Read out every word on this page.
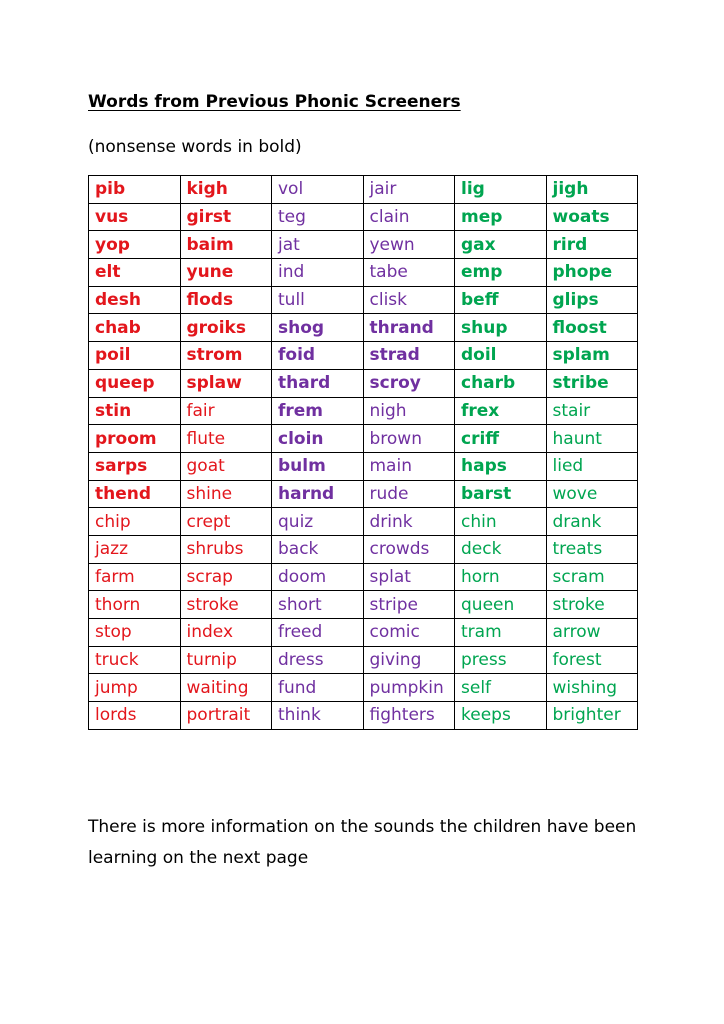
Words from Previous Phonic Screeners
(nonsense words in bold)
pib	kigh	vol	jair	lig	jigh
vus	girst	teg	clain	mep	woats
yop	baim	jat	yewn	gax	rird
elt	yune	ind	tabe	emp	phope
desh	flods	tull	clisk	beff	glips
chab	groiks	shog	thrand	shup	floost
poil	strom	foid	strad	doil	splam
queep	splaw	thard	scroy	charb	stribe
stin	fair	frem	nigh	frex	stair
proom	flute	cloin	brown	criff	haunt
sarps	goat	bulm	main	haps	lied
thend	shine	harnd	rude	barst	wove
chip	crept	quiz	drink	chin	drank
jazz	shrubs	back	crowds	deck	treats
farm	scrap	doom	splat	horn	scram
thorn	stroke	short	stripe	queen	stroke
stop	index	freed	comic	tram	arrow
truck	turnip	dress	giving	press	forest
jump	waiting	fund	pumpkin	self	wishing
lords	portrait	think	fighters	keeps	brighter
There is more information on the sounds the children have been learning on the next page
